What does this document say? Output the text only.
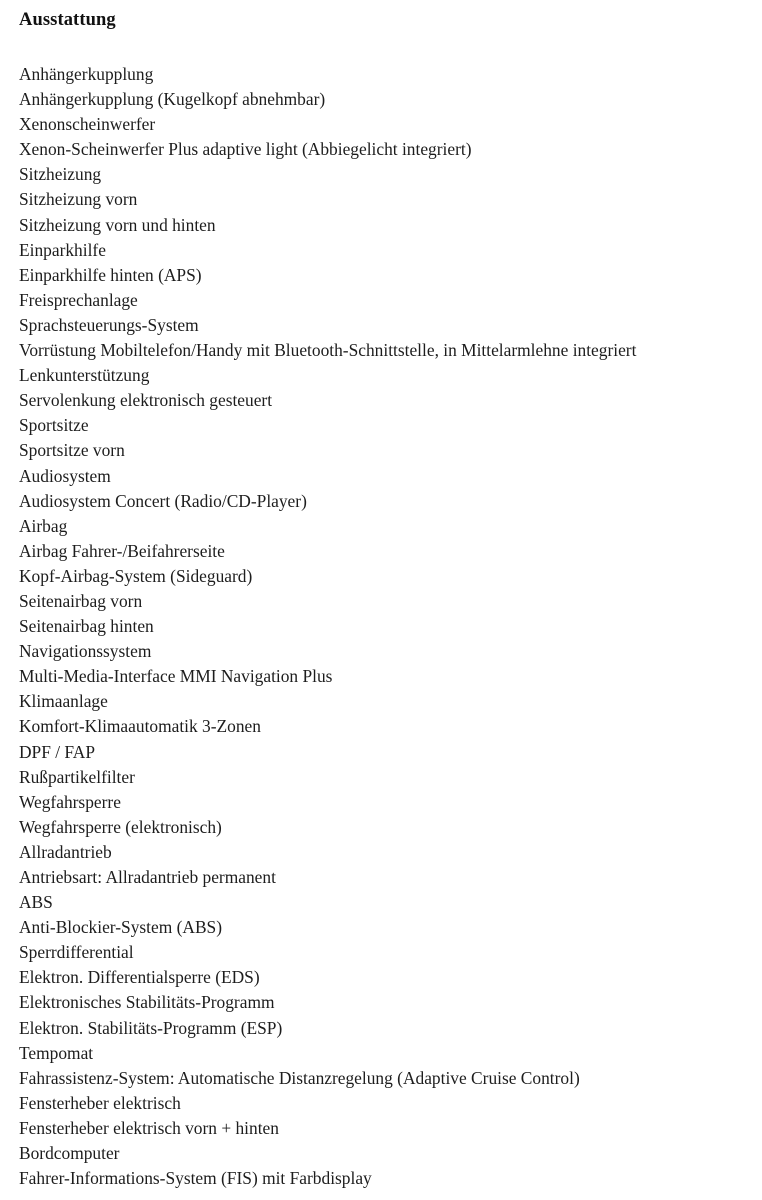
Ausstattung
Anhängerkupplung
Anhängerkupplung (Kugelkopf abnehmbar)
Xenonscheinwerfer
Xenon-Scheinwerfer Plus adaptive light (Abbiegelicht integriert)
Sitzheizung
Sitzheizung vorn
Sitzheizung vorn und hinten
Einparkhilfe
Einparkhilfe hinten (APS)
Freisprechanlage
Sprachsteuerungs-System
Vorrüstung Mobiltelefon/Handy mit Bluetooth-Schnittstelle, in Mittelarmlehne integriert
Lenkunterstützung
Servolenkung elektronisch gesteuert
Sportsitze
Sportsitze vorn
Audiosystem
Audiosystem Concert (Radio/CD-Player)
Airbag
Airbag Fahrer-/Beifahrerseite
Kopf-Airbag-System (Sideguard)
Seitenairbag vorn
Seitenairbag hinten
Navigationssystem
Multi-Media-Interface MMI Navigation Plus
Klimaanlage
Komfort-Klimaautomatik 3-Zonen
DPF / FAP
Rußpartikelfilter
Wegfahrsperre
Wegfahrsperre (elektronisch)
Allradantrieb
Antriebsart: Allradantrieb permanent
ABS
Anti-Blockier-System (ABS)
Sperrdifferential
Elektron. Differentialsperre (EDS)
Elektronisches Stabilitäts-Programm
Elektron. Stabilitäts-Programm (ESP)
Tempomat
Fahrassistenz-System: Automatische Distanzregelung (Adaptive Cruise Control)
Fensterheber elektrisch
Fensterheber elektrisch vorn + hinten
Bordcomputer
Fahrer-Informations-System (FIS) mit Farbdisplay
